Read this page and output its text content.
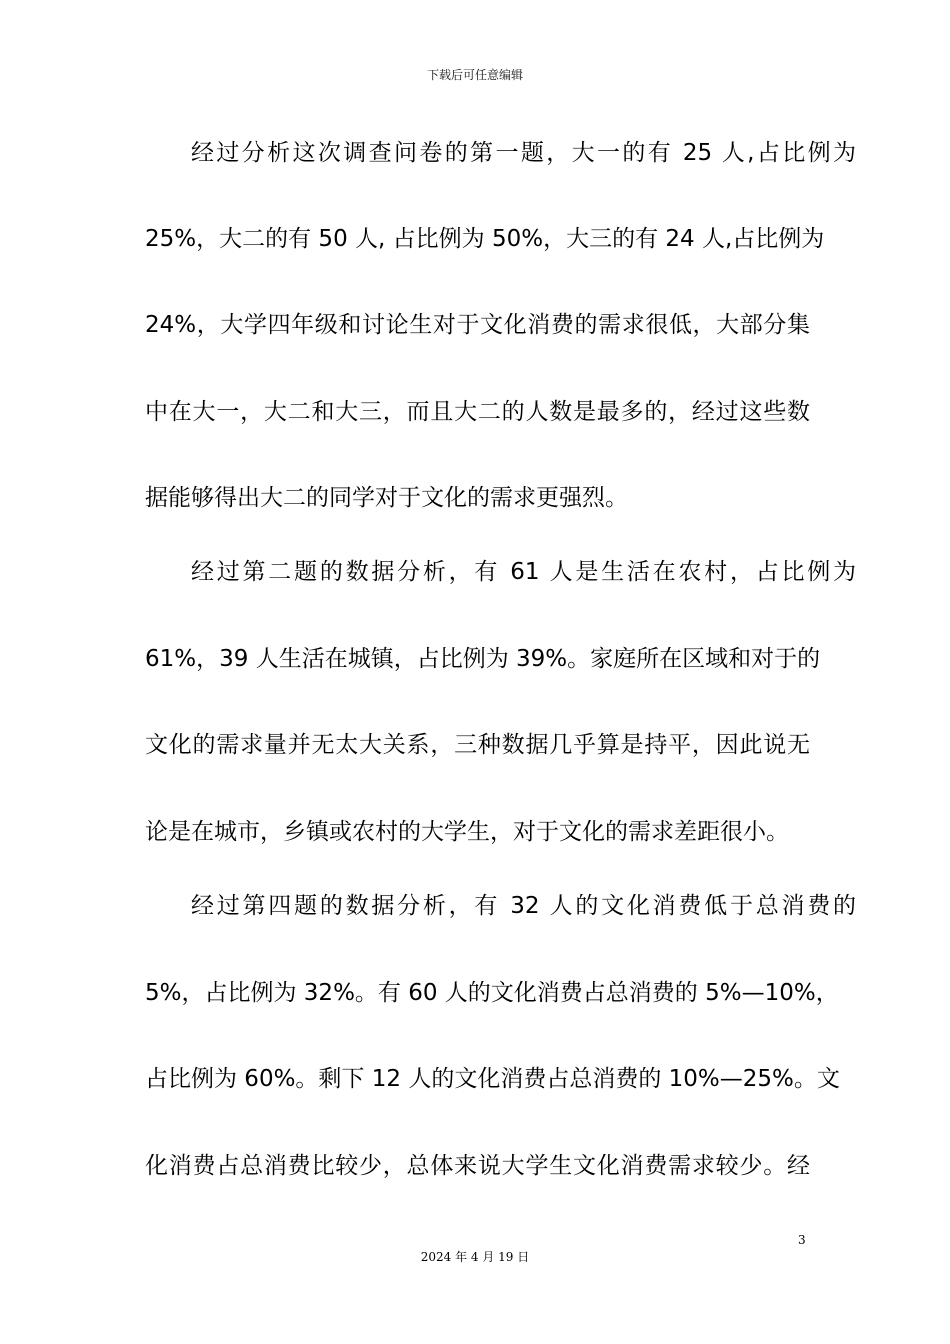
下载后可任意编辑
经过分析这次调查问卷的第一题，大一的有 25 人,占比例为
25%，大二的有 50 人, 占比例为 50%，大三的有 24 人,占比例为
24%，大学四年级和讨论生对于文化消费的需求很低，大部分集
中在大一，大二和大三，而且大二的人数是最多的，经过这些数
据能够得出大二的同学对于文化的需求更强烈。
经过第二题的数据分析，有 61 人是生活在农村，占比例为
61%，39 人生活在城镇，占比例为 39%。家庭所在区域和对于的
文化的需求量并无太大关系，三种数据几乎算是持平，因此说无
论是在城市，乡镇或农村的大学生，对于文化的需求差距很小。
经过第四题的数据分析，有 32 人的文化消费低于总消费的
5%，占比例为 32%。有 60 人的文化消费占总消费的 5%—10%，
占比例为 60%。剩下 12 人的文化消费占总消费的 10%—25%。文
化消费占总消费比较少，总体来说大学生文化消费需求较少。经
3
2024 年 4 月 19 日
